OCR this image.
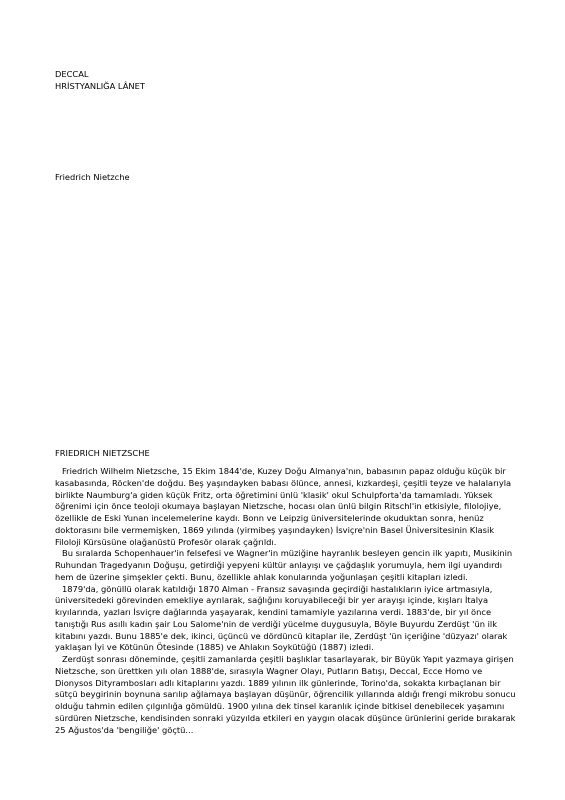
DECCAL
HRİSTYANLIĞA LÂNET
Friedrich Nietzche
FRIEDRICH NIETZSCHE

Friedrich Wilhelm Nietzsche, 15 Ekim 1844'de, Kuzey Doğu Almanya'nın, babasının papaz olduğu küçük bir kasabasında, Röcken'de doğdu. Beş yaşındayken babası ölünce, annesi, kızkardeşi, çeşitli teyze ve halalarıyla birlikte Naumburg'a giden küçük Fritz, orta öğretimini ünlü 'klasik' okul Schulpforta'da tamamladı. Yüksek öğrenimi için önce teoloji okumaya başlayan Nietzsche, hocası olan ünlü bilgin Ritschl'in etkisiyle, filolojiye, özellikle de Eski Yunan incelemelerine kaydı. Bonn ve Leipzig üniversitelerinde okuduktan sonra, henüz doktorasını bile vermemişken, 1869 yılında (yirmibeş yaşındayken) İsviçre'nin Basel Üniversitesinin Klasik Filoloji Kürsüsüne olağanüstü Profesör olarak çağrıldı.

Bu sıralarda Schopenhauer'in felsefesi ve Wagner'in müziğine hayranlık besleyen gencin ilk yapıtı, Musikinin Ruhundan Tragedyanın Doğuşu, getirdiği yepyeni kültür anlayışı ve çağdaşlık yorumuyla, hem ilgi uyandırdı hem de üzerine şimşekler çekti. Bunu, özellikle ahlak konularında yoğunlaşan çeşitli kitapları izledi.

1879'da, gönüllü olarak katıldığı 1870 Alman - Fransız savaşında geçirdiği hastalıkların iyice artmasıyla, üniversitedeki görevinden emekliye ayrılarak, sağlığını koruyabileceği bir yer arayışı içinde, kışları İtalya kıyılarında, yazları İsviçre dağlarında yaşayarak, kendini tamamiyle yazılarına verdi. 1883'de, bir yıl önce tanıştığı Rus asıllı kadın şair Lou Salome'nin de verdiği yücelme duygusuyla, Böyle Buyurdu Zerdüşt 'ün ilk kitabını yazdı. Bunu 1885'e dek, ikinci, üçüncü ve dördüncü kitaplar ile, Zerdüşt 'ün içeriğine 'düzyazı' olarak yaklaşan İyi ve Kötünün Ötesinde (1885) ve Ahlakın Soykütüğü (1887) izledi.

Zerdüşt sonrası döneminde, çeşitli zamanlarda çeşitli başlıklar tasarlayarak, bir Büyük Yapıt yazmaya girişen Nietzsche, son ürettken yılı olan 1888'de, sırasıyla Wagner Olayı, Putların Batışı, Deccal, Ecce Homo ve Dionysos Dityrambosları adlı kitaplarını yazdı. 1889 yılının ilk günlerinde, Torino'da, sokakta kırbaçlanan bir sütçü beygirinin boynuna sarılıp ağlamaya başlayan düşünür, öğrencilik yıllarında aldığı frengi mikrobu sonucu olduğu tahmin edilen çılgınlığa gömüldü. 1900 yılına dek tinsel karanlık içinde bitkisel denebilecek yaşamını sürdüren Nietzsche, kendisinden sonraki yüzyılda etkileri en yaygın olacak düşünce ürünlerini geride bırakarak 25 Ağustos'da 'bengiliğe' göçtü...
